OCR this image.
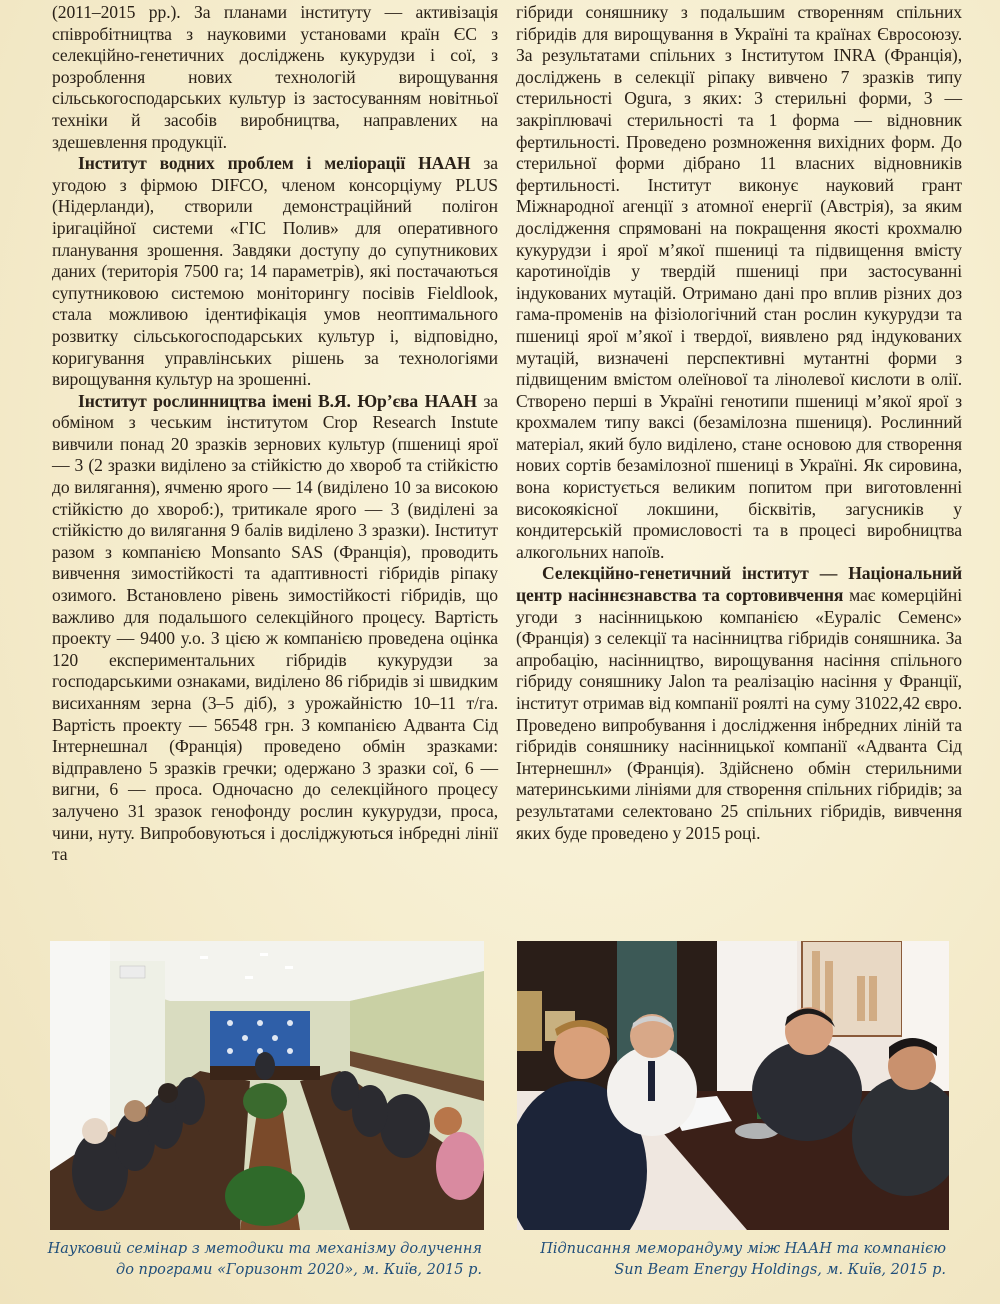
(2011–2015 рр.). За планами інституту — активізація співробітництва з науковими установами країн ЄС з селекційно-генетичних досліджень кукурудзи і сої, з розроблення нових технологій вирощування сільськогосподарських культур із застосуванням новітньої техніки й засобів виробництва, направлених на здешевлення продукції.

Інститут водних проблем і меліорації НААН за угодою з фірмою DIFCO, членом консорціуму PLUS (Нідерланди), створили демонстраційний полігон іригаційної системи «ГІС Полив» для оперативного планування зрошення. Завдяки доступу до супутникових даних (територія 7500 га; 14 параметрів), які постачаються супутниковою системою моніторингу посівів Fieldlook, стала можливою ідентифікація умов неоптимального розвитку сільськогосподарських культур і, відповідно, коригування управлінських рішень за технологіями вирощування культур на зрошенні.

Інститут рослинництва імені В.Я. Юр’єва НААН за обміном з чеським інститутом Crop Research Instute вивчили понад 20 зразків зернових культур (пшениці ярої — 3 (2 зразки виділено за стійкістю до хвороб та стійкістю до вилягання), ячменю ярого — 14 (виділено 10 за високою стійкістю до хвороб:), тритикале ярого — 3 (виділені за стійкістю до вилягання 9 балів виділено 3 зразки). Інститут разом з компанією Monsanto SAS (Франція), проводить вивчення зимостійкості та адаптивності гібридів ріпаку озимого. Встановлено рівень зимостійкості гібридів, що важливо для подальшого селекційного процесу. Вартість проекту — 9400 у.о. З цією ж компанією проведена оцінка 120 експериментальних гібридів кукурудзи за господарськими ознаками, виділено 86 гібридів зі швидким висиханням зерна (3–5 діб), з урожайністю 10–11 т/га. Вартість проекту — 56548 грн. З компанією Адванта Сід Інтернешнал (Франція) проведено обмін зразками: відправлено 5 зразків гречки; одержано 3 зразки сої, 6 — вигни, 6 — проса. Одночасно до селекційного процесу залучено 31 зразок генофонду рослин кукурудзи, проса, чини, нуту. Випробовуються і досліджуються інбредні лінії та

гібриди соняшнику з подальшим створенням спільних гібридів для вирощування в Україні та країнах Євросоюзу. За результатами спільних з Інститутом INRA (Франція), досліджень в селекції ріпаку вивчено 7 зразків типу стерильності Ogura, з яких: 3 стерильні форми, 3 — закріплювачі стерильності та 1 форма — відновник фертильності. Проведено розмноження вихідних форм. До стерильної форми дібрано 11 власних відновників фертильності. Інститут виконує науковий грант Міжнародної агенції з атомної енергії (Австрія), за яким дослідження спрямовані на покращення якості крохмалю кукурудзи і ярої м’якої пшениці та підвищення вмісту каротиноїдів у твердій пшениці при застосуванні індукованих мутацій. Отримано дані про вплив різних доз гама-променів на фізіологічний стан рослин кукурудзи та пшениці ярої м’якої і твердої, виявлено ряд індукованих мутацій, визначені перспективні мутантні форми з підвищеним вмістом олеїнової та лінолевої кислоти в олії. Створено перші в Україні генотипи пшениці м’якої ярої з крохмалем типу ваксі (безамілозна пшениця). Рослинний матеріал, який було виділено, стане основою для створення нових сортів безамілозної пшениці в Україні. Як сировина, вона користується великим попитом при виготовленні високоякісної локшини, бісквітів, загусників у кондитерській промисловості та в процесі виробництва алкогольних напоїв.

Селекційно-генетичний інститут — Національний центр насіннєзнавства та сортовивчення має комерційні угоди з насінницькою компанією «Еураліс Семенс» (Франція) з селекції та насінництва гібридів соняшника. За апробацію, насінництво, вирощування насіння спільного гібриду соняшнику Jalon та реалізацію насіння у Франції, інститут отримав від компанії роялті на суму 31022,42 євро. Проведено випробування і дослідження інбредних ліній та гібридів соняшнику насінницької компанії «Адванта Сід Інтернешнл» (Франція). Здійснено обмін стерильними материнськими лініями для створення спільних гібридів; за результатами селектовано 25 спільних гібридів, вивчення яких буде проведено у 2015 році.

Науковий семінар з методики та механізму долучення
до програми «Горизонт 2020», м. Київ, 2015 р.
Підписання меморандуму між НААН та компанією
Sun Beam Energy Holdings, м. Київ, 2015 р.
